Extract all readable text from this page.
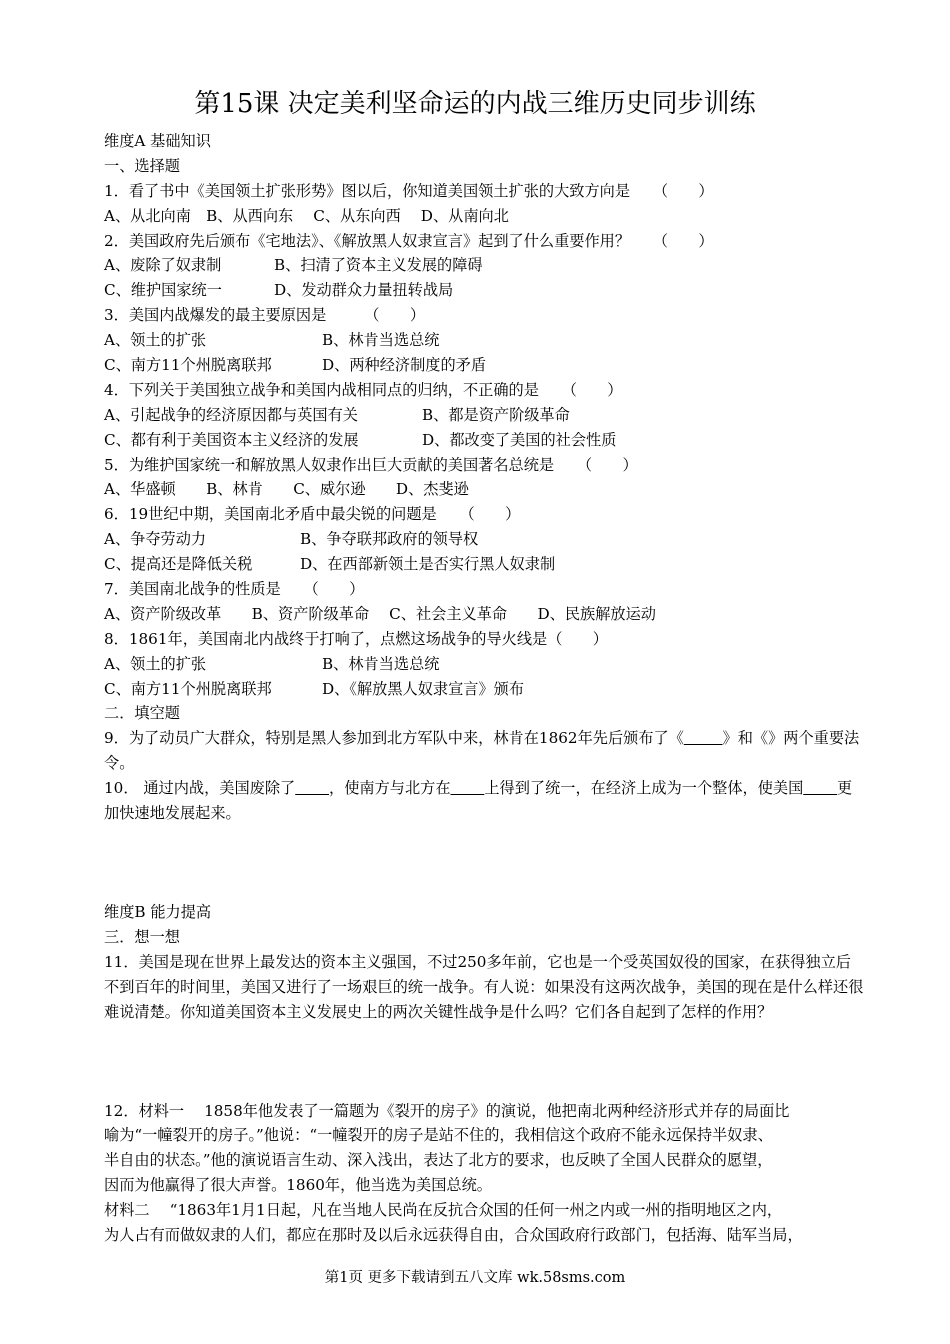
第15课 决定美利坚命运的内战三维历史同步训练
维度A 基础知识
一、选择题
1．看了书中《美国领土扩张形势》图以后，你知道美国领土扩张的大致方向是　　（　　）
A、从北向南　B、从西向东　 C、从东向西　 D、从南向北
2．美国政府先后颁布《宅地法》、《解放黑人奴隶宣言》起到了什么重要作用？　　（　　）
A、废除了奴隶制	B、扫清了资本主义发展的障碍
C、维护国家统一	D、发动群众力量扭转战局
3．美国内战爆发的最主要原因是　　　（　　）
A、领土的扩张	B、林肯当选总统
C、南方11个州脱离联邦	D、两种经济制度的矛盾
4．下列关于美国独立战争和美国内战相同点的归纳，不正确的是　　（　　）
A、引起战争的经济原因都与英国有关	B、都是资产阶级革命
C、都有利于美国资本主义经济的发展	D、都改变了美国的社会性质
5．为维护国家统一和解放黑人奴隶作出巨大贡献的美国著名总统是　　（　　）
A、华盛顿　　B、林肯　　C、威尔逊　　D、杰斐逊
6．19世纪中期，美国南北矛盾中最尖锐的问题是　　（　　）
A、争夺劳动力	B、争夺联邦政府的领导权
C、提高还是降低关税	D、在西部新领土是否实行黑人奴隶制
7．美国南北战争的性质是　　（　　）
A、资产阶级改革　　B、资产阶级革命　 C、社会主义革命　　D、民族解放运动
8．1861年，美国南北内战终于打响了，点燃这场战争的导火线是（　　）
A、领土的扩张	B、林肯当选总统
C、南方11个州脱离联邦	D、《解放黑人奴隶宣言》颁布
二．填空题
9．为了动员广大群众，特别是黑人参加到北方军队中来，林肯在1862年先后颁布了《	》和《》两个重要法令。
10． 通过内战，美国废除了 ，使南方与北方在 上得到了统一，在经济上成为一个整体，使美国 更加快速地发展起来。
维度B 能力提高
三．想一想
11．美国是现在世界上最发达的资本主义强国，不过250多年前，它也是一个受英国奴役的国家，在获得独立后不到百年的时间里，美国又进行了一场艰巨的统一战争。有人说：如果没有这两次战争，美国的现在是什么样还很难说清楚。你知道美国资本主义发展史上的两次关键性战争是什么吗？它们各自起到了怎样的作用？
12．材料一　 1858年他发表了一篇题为《裂开的房子》的演说，他把南北两种经济形式并存的局面比
喻为“一幢裂开的房子。”他说：“一幢裂开的房子是站不住的，我相信这个政府不能永远保持半奴隶、
半自由的状态。”他的演说语言生动、深入浅出，表达了北方的要求，也反映了全国人民群众的愿望，
因而为他赢得了很大声誉。1860年，他当选为美国总统。
材料二　 “1863年1月1日起，凡在当地人民尚在反抗合众国的任何一州之内或一州的指明地区之内，
为人占有而做奴隶的人们，都应在那时及以后永远获得自由，合众国政府行政部门，包括海、陆军当局，
第1页 更多下载请到五八文库 wk.58sms.com
